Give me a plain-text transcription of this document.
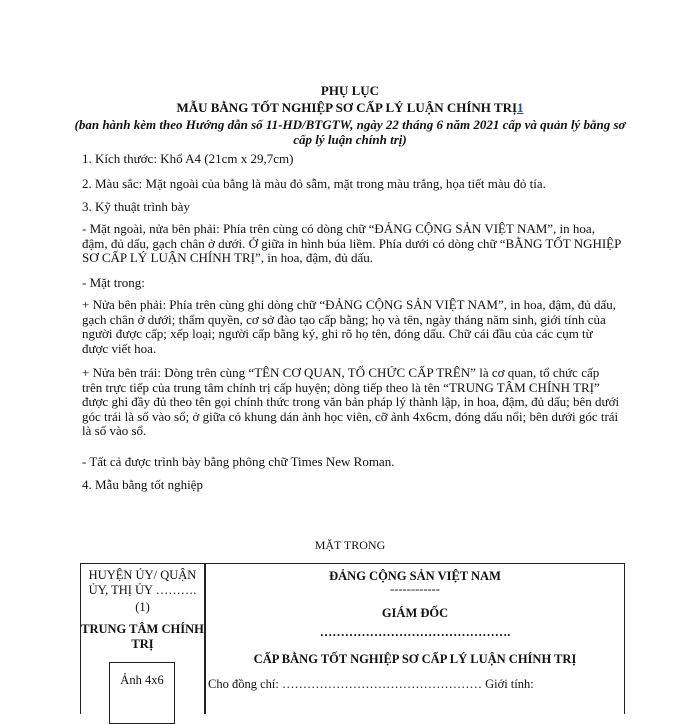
PHỤ LỤC
MẪU BẰNG TỐT NGHIỆP SƠ CẤP LÝ LUẬN CHÍNH TRỊ1
(ban hành kèm theo Hướng dẫn số 11-HD/BTGTW, ngày 22 tháng 6 năm 2021 cấp và quản lý bằng sơ cấp lý luận chính trị)
1. Kích thước: Khổ A4 (21cm x 29,7cm)
2. Màu sắc: Mặt ngoài của bằng là màu đỏ sẫm, mặt trong màu trắng, họa tiết màu đỏ tía.
3. Kỹ thuật trình bày
- Mặt ngoài, nửa bên phải: Phía trên cùng có dòng chữ “ĐẢNG CỘNG SẢN VIỆT NAM”, in hoa, đậm, đủ dấu, gạch chân ở dưới. Ở giữa in hình búa liềm. Phía dưới có dòng chữ “BẰNG TỐT NGHIỆP SƠ CẤP LÝ LUẬN CHÍNH TRỊ”, in hoa, đậm, đủ dấu.
- Mặt trong:
+ Nửa bên phải: Phía trên cùng ghi dòng chữ “ĐẢNG CỘNG SẢN VIỆT NAM”, in hoa, đậm, đủ dấu, gạch chân ở dưới; thẩm quyền, cơ sở đào tạo cấp bằng; họ và tên, ngày tháng năm sinh, giới tính của người được cấp; xếp loại; người cấp bằng ký, ghi rõ họ tên, đóng dấu. Chữ cái đầu của các cụm từ được viết hoa.
+ Nửa bên trái: Dòng trên cùng “TÊN CƠ QUAN, TỔ CHỨC CẤP TRÊN” là cơ quan, tổ chức cấp trên trực tiếp của trung tâm chính trị cấp huyện; dòng tiếp theo là tên “TRUNG TÂM CHÍNH TRỊ” được ghi đầy đủ theo tên gọi chính thức trong văn bản pháp lý thành lập, in hoa, đậm, đủ dấu; bên dưới góc trái là số vào sổ; ở giữa có khung dán ảnh học viên, cỡ ảnh 4x6cm, đóng dấu nổi; bên dưới góc trái là số vào sổ.
- Tất cả được trình bày bằng phông chữ Times New Roman.
4. Mẫu bằng tốt nghiệp
MẶT TRONG
HUYỆN ỦY/ QUẬN ỦY, THỊ ỦY ……….
(1)
TRUNG TÂM CHÍNH TRỊ
Ảnh 4x6
ĐẢNG CỘNG SẢN VIỆT NAM
------------
GIÁM ĐỐC
……………………………………….
CẤP BẰNG TỐT NGHIỆP SƠ CẤP LÝ LUẬN CHÍNH TRỊ
Cho đồng chí: ………………………………………… Giới tính:
